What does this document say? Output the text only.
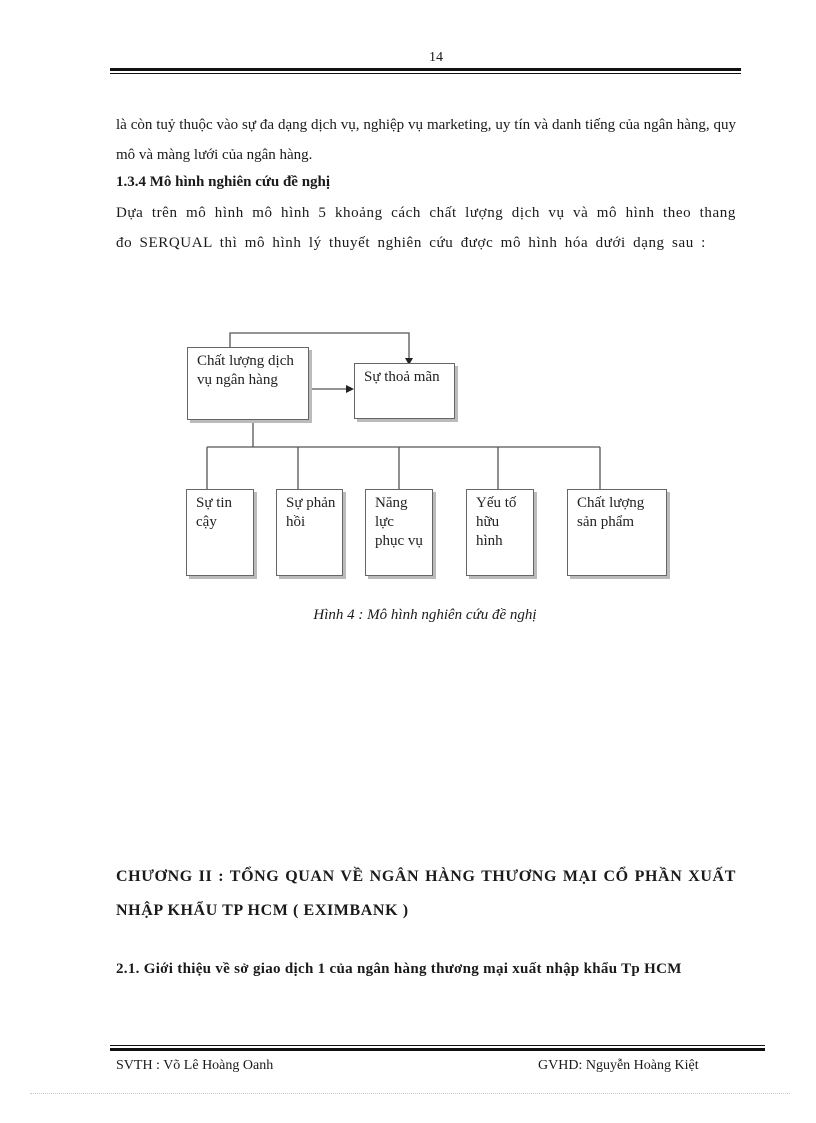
14

là còn tuỷ thuộc vào sự đa dạng dịch vụ, nghiệp vụ marketing, uy tín và danh tiếng của ngân hàng, quy mô và màng lưới của ngân hàng.

1.3.4 Mô hình nghiên cứu đề nghị

Dựa trên mô hình mô hình 5 khoảng cách chất lượng dịch vụ và mô hình theo thang đo SERQUAL thì mô hình lý thuyết nghiên cứu được mô hình hóa dưới dạng sau :

Chất lượng dịch vụ ngân hàng	Sự thoả mãn
Sự tin cậy
Sự phản hồi
Năng lực phục vụ
Yếu tố hữu hình
Chất lượng sản phẩm
Hình 4 : Mô hình nghiên cứu đề nghị

CHƯƠNG II : TỔNG QUAN VỀ NGÂN HÀNG THƯƠNG MẠI CỔ PHẦN XUẤT NHẬP KHẨU TP HCM ( EXIMBANK )

2.1. Giới thiệu về sở giao dịch 1 của ngân hàng thương mại xuất nhập khẩu Tp HCM

SVTH : Võ Lê Hoàng Oanh	GVHD: Nguyễn Hoàng Kiệt
